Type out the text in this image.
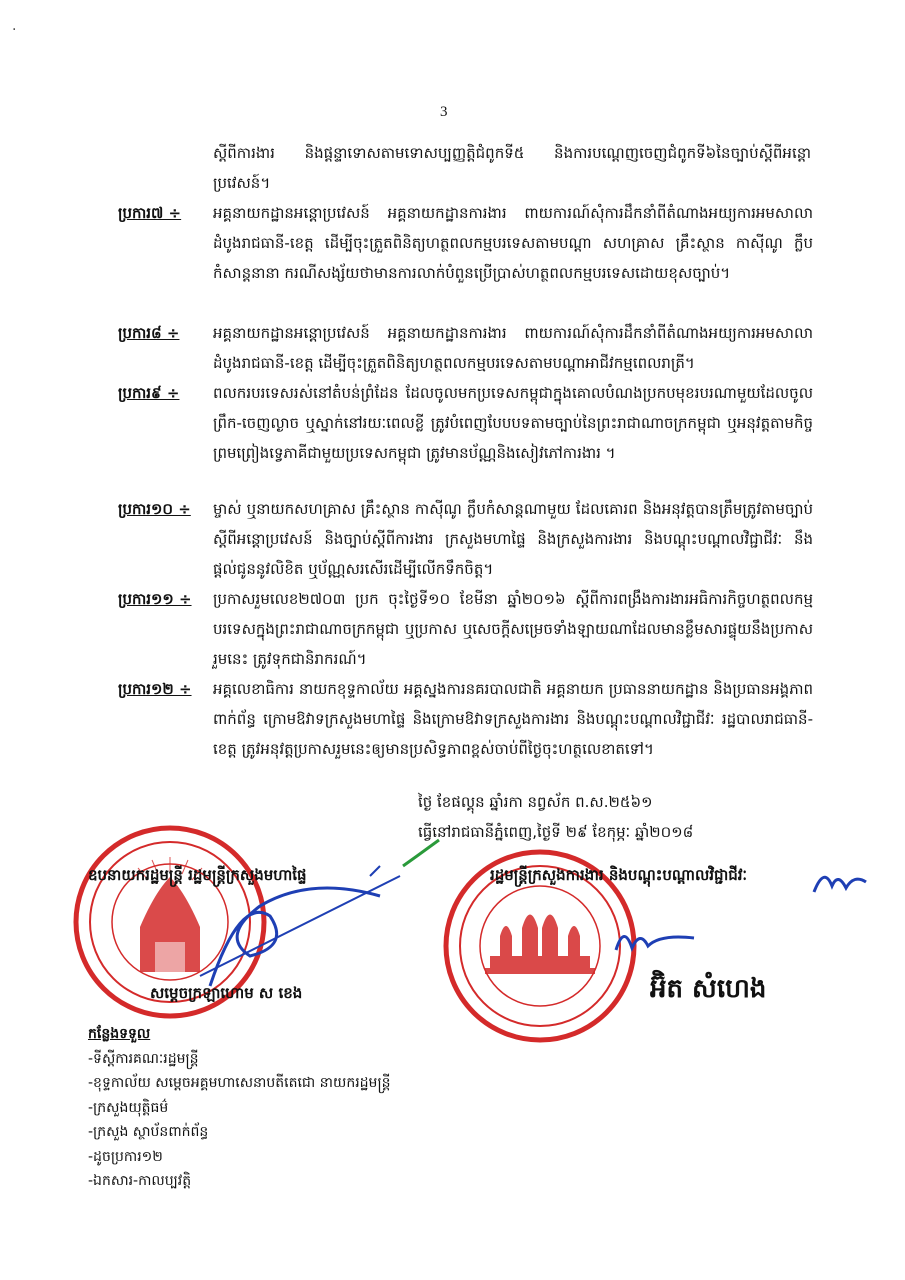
·
3
ស្ដីពីការងារ និងផ្តន្ទាទោសតាមទោសប្បញ្ញត្តិជំពូកទី៥ និងការបណ្តេញចេញជំពូកទី៦នៃច្បាប់ស្ដីពីអន្តោប្រវេសន៍។
ប្រការ៧ ÷	អគ្គនាយកដ្ឋានអន្តោប្រវេសន៍ អគ្គនាយកដ្ឋានការងារ ពាយការណ៍សុំការដឹកនាំពីតំណាងអយ្យការអមសាលាដំបូងរាជធានី-ខេត្ត ដើម្បីចុះត្រួតពិនិត្យហត្ថពលកម្មបរទេសតាមបណ្តា សហគ្រាស គ្រឹះស្ថាន កាស៊ីណូ ក្លឹបកំសាន្តនានា ករណីសង្ស័យថាមានការលាក់បំពួនប្រើប្រាស់ហត្ថពលកម្មបរទេសដោយខុសច្បាប់។
ប្រការ៨ ÷	អគ្គនាយកដ្ឋានអន្តោប្រវេសន៍ អគ្គនាយកដ្ឋានការងារ ពាយការណ៍សុំការដឹកនាំពីតំណាងអយ្យការអមសាលាដំបូងរាជធានី-ខេត្ត ដើម្បីចុះត្រួតពិនិត្យហត្ថពលកម្មបរទេសតាមបណ្តាអាជីវកម្មពេលរាត្រី។
ប្រការ៩ ÷	ពលករបរទេសរស់នៅតំបន់ព្រំដែន ដែលចូលមកប្រទេសកម្ពុជាក្នុងគោលបំណងប្រកបមុខរបរណាមួយដែលចូលព្រឹក-ចេញល្ងាច ឬស្នាក់នៅរយៈពេលខ្លី ត្រូវបំពេញបែបបទតាមច្បាប់នៃព្រះរាជាណាចក្រកម្ពុជា ឬអនុវត្តតាមកិច្ចព្រមព្រៀងទ្វេភាគីជាមួយប្រទេសកម្ពុជា ត្រូវមានប័ណ្ណនិងសៀវភៅការងារ ។
ប្រការ១០ ÷	ម្ចាស់ ឬនាយកសហគ្រាស គ្រឹះស្ថាន កាស៊ីណូ ក្លឹបកំសាន្តណាមួយ ដែលគោរព និងអនុវត្តបានត្រឹមត្រូវតាមច្បាប់ស្ដីពីអន្តោប្រវេសន៍ និងច្បាប់ស្ដីពីការងារ ក្រសួងមហាផ្ទៃ និងក្រសួងការងារ និងបណ្តុះបណ្តាលវិជ្ជាជីវៈ នឹងផ្តល់ជូននូវលិខិត ឬប័ណ្ណសរសើរដើម្បីលើកទឹកចិត្ត។
ប្រការ១១ ÷	ប្រកាសរួមលេខ២៧០៣ ប្រក ចុះថ្ងៃទី១០ ខែមីនា ឆ្នាំ២០១៦ ស្ដីពីការពង្រឹងការងារអធិការកិច្ចហត្ថពលកម្មបរទេសក្នុងព្រះរាជាណាចក្រកម្ពុជា ឬប្រកាស ឬសេចក្តីសម្រេចទាំងឡាយណាដែលមានខ្លឹមសារផ្ទុយនឹងប្រកាសរួមនេះ ត្រូវទុកជានិរាករណ៍។
ប្រការ១២ ÷	អគ្គលេខាធិការ នាយកខុទ្ទកាល័យ អគ្គស្នងការនគរបាលជាតិ អគ្គនាយក ប្រធាននាយកដ្ឋាន និងប្រធានអង្គភាពពាក់ព័ន្ធ ក្រោមឱវាទក្រសួងមហាផ្ទៃ និងក្រោមឱវាទក្រសួងការងារ និងបណ្តុះបណ្តាលវិជ្ជាជីវៈ រដ្ឋបាលរាជធានី-ខេត្ត ត្រូវអនុវត្តប្រកាសរួមនេះឲ្យមានប្រសិទ្ធភាពខ្ពស់ចាប់ពីថ្ងៃចុះហត្ថលេខាតទៅ។
ថ្ងៃ ខែផល្គុន ឆ្នាំរកា នព្វស័ក ព.ស.២៥៦១
ធ្វើនៅរាជធានីភ្នំពេញ,ថ្ងៃទី ២៩ ខែកុម្ភៈ ឆ្នាំ២០១៨
ឧបនាយករដ្ឋមន្ត្រី រដ្ឋមន្ត្រីក្រសួងមហាផ្ទៃ
សម្តេចក្រឡាហោម ស ខេង
រដ្ឋមន្ត្រីក្រសួងការងារ និងបណ្តុះបណ្តាលវិជ្ជាជីវៈ
អ៊ិត សំហេង
កន្លែងទទួល
-ទីស្ដីការគណៈរដ្ឋមន្ត្រី
-ខុទ្ទកាល័យ សម្តេចអគ្គមហាសេនាបតីតេជោ នាយករដ្ឋមន្ត្រី
-ក្រសួងយុត្តិធម៌
-ក្រសួង ស្ថាប័នពាក់ព័ន្ធ
-ដូចប្រការ១២
-ឯកសារ-កាលប្បវត្តិ
